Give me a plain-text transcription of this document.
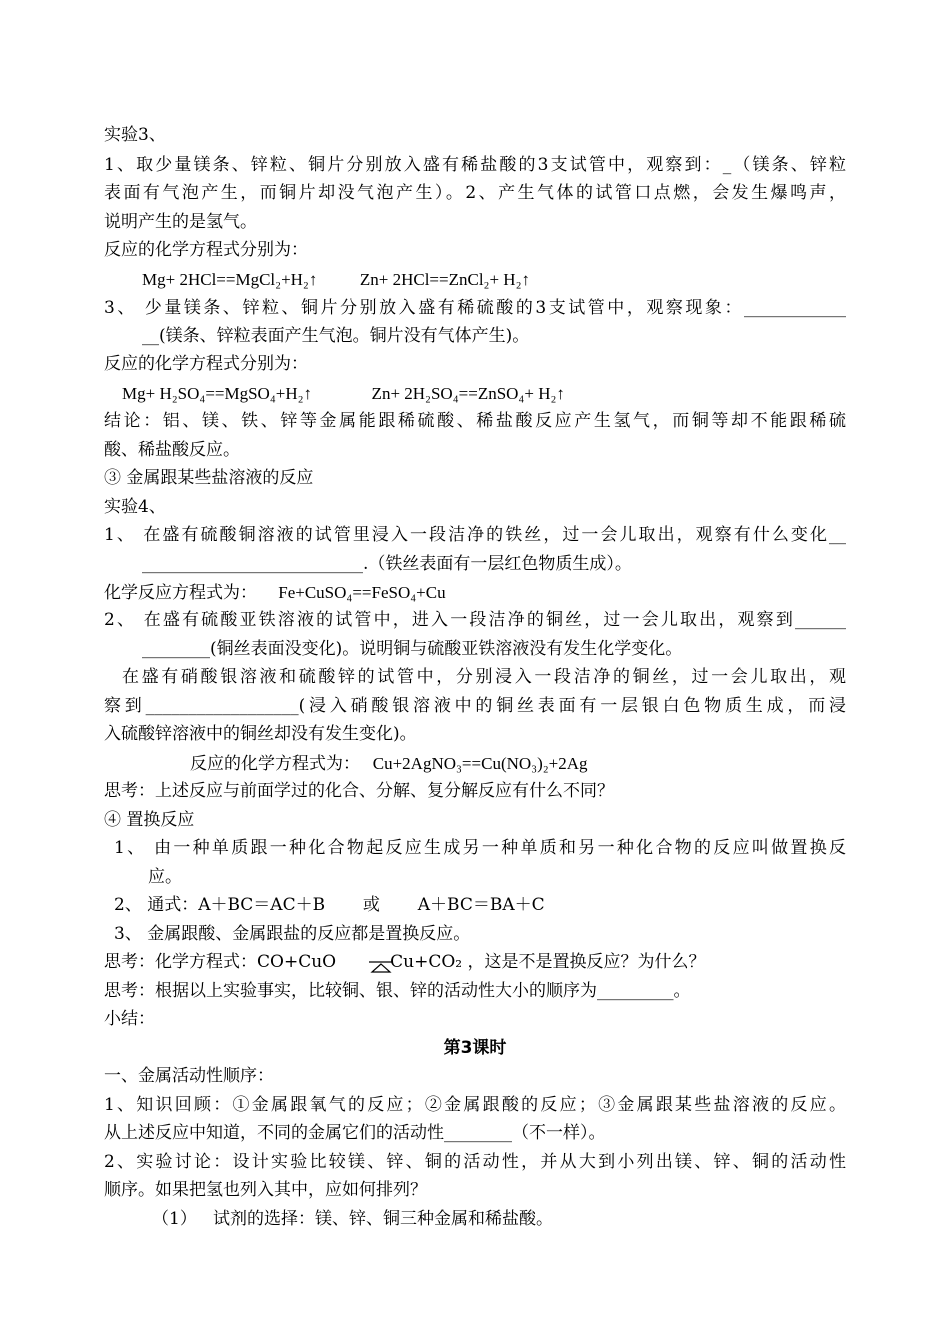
实验3、
1、取少量镁条、锌粒、铜片分别放入盛有稀盐酸的3支试管中，观察到：_（镁条、锌粒
表面有气泡产生，而铜片却没气泡产生）。2、产生气体的试管口点燃，会发生爆鸣声，
说明产生的是氢气。
反应的化学方程式分别为：
Mg+ 2HCl==MgCl₂+H₂↑          Zn+ 2HCl==ZnCl₂+ H₂↑
3、 少量镁条、锌粒、铜片分别放入盛有稀硫酸的3支试管中，观察现象：____________
__(镁条、锌粒表面产生气泡。铜片没有气体产生)。
反应的化学方程式分别为：
Mg+ H₂SO₄==MgSO₄+H₂↑              Zn+ 2H₂SO₄==ZnSO₄+ H₂↑
结论：铝、镁、铁、锌等金属能跟稀硫酸、稀盐酸反应产生氢气，而铜等却不能跟稀硫
酸、稀盐酸反应。
③ 金属跟某些盐溶液的反应
实验4、
1、 在盛有硫酸铜溶液的试管里浸入一段洁净的铁丝，过一会儿取出，观察有什么变化__
__________________________.（铁丝表面有一层红色物质生成）。
化学反应方程式为：     Fe+CuSO₄==FeSO₄+Cu
2、 在盛有硫酸亚铁溶液的试管中，进入一段洁净的铜丝，过一会儿取出，观察到______
________(铜丝表面没变化)。说明铜与硫酸亚铁溶液没有发生化学变化。
在盛有硝酸银溶液和硫酸锌的试管中，分别浸入一段洁净的铜丝，过一会儿取出，观
察到__________________(浸入硝酸银溶液中的铜丝表面有一层银白色物质生成，而浸
入硫酸锌溶液中的铜丝却没有发生变化)。
反应的化学方程式为：   Cu+2AgNO₃==Cu(NO₃)₂+2Ag
思考：上述反应与前面学过的化合、分解、复分解反应有什么不同？
④ 置换反应
1、 由一种单质跟一种化合物起反应生成另一种单质和另一种化合物的反应叫做置换反
应。
2、 通式：A＋BC＝AC＋B       或       A＋BC＝BA＋C
3、 金属跟酸、金属跟盐的反应都是置换反应。
思考：化学方程式：CO+CuO          Cu+CO₂ ，这是不是置换反应？为什么？
思考：根据以上实验事实，比较铜、银、锌的活动性大小的顺序为_________。
小结：
第3课时
一、金属活动性顺序：
1、知识回顾：①金属跟氧气的反应；②金属跟酸的反应；③金属跟某些盐溶液的反应。
从上述反应中知道，不同的金属它们的活动性________（不一样）。
2、实验讨论：设计实验比较镁、锌、铜的活动性，并从大到小列出镁、锌、铜的活动性
顺序。如果把氢也列入其中，应如何排列？
（1）   试剂的选择：镁、锌、铜三种金属和稀盐酸。
